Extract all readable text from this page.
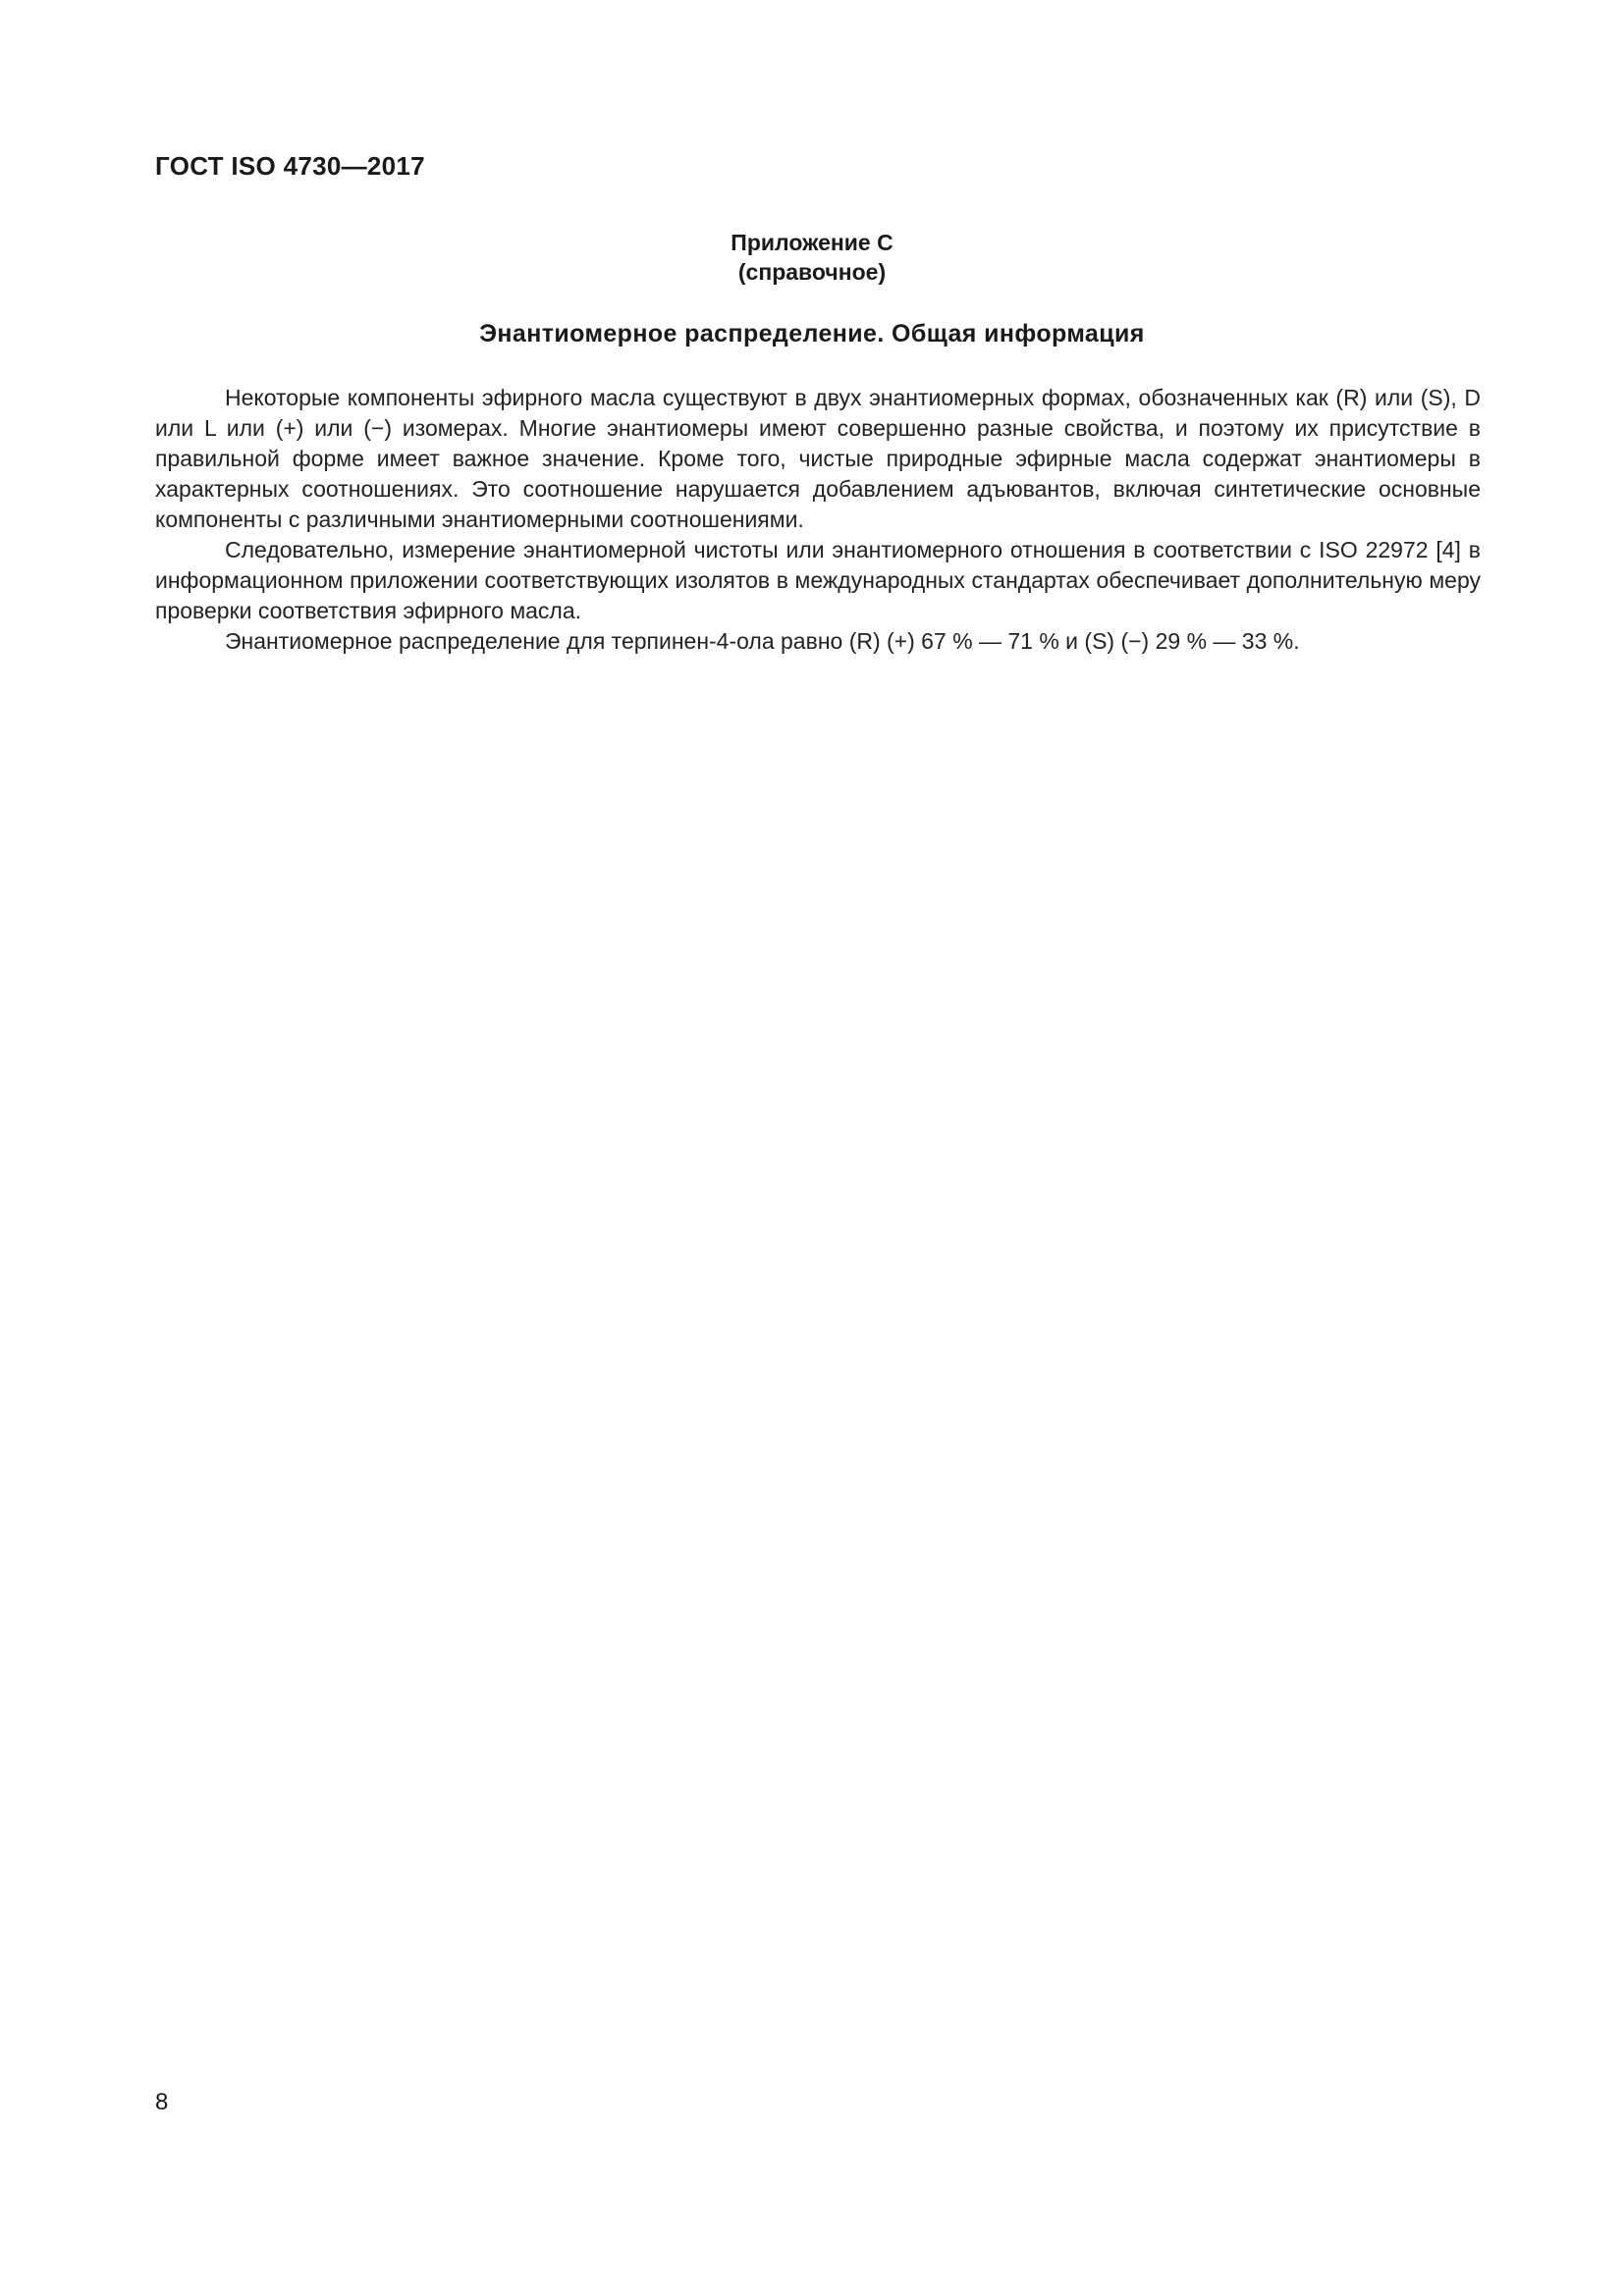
ГОСТ ISO 4730—2017
Приложение С
(справочное)
Энантиомерное распределение. Общая информация

Некоторые компоненты эфирного масла существуют в двух энантиомерных формах, обозначенных как (R) или (S), D или L или (+) или (−) изомерах. Многие энантиомеры имеют совершенно разные свойства, и поэтому их присутствие в правильной форме имеет важное значение. Кроме того, чистые природные эфирные масла содержат энантиомеры в характерных соотношениях. Это соотношение нарушается добавлением адъювантов, включая синтетические основные компоненты с различными энантиомерными соотношениями.

Следовательно, измерение энантиомерной чистоты или энантиомерного отношения в соответствии с ISO 22972 [4] в информационном приложении соответствующих изолятов в международных стандартах обеспечивает дополнительную меру проверки соответствия эфирного масла.

Энантиомерное распределение для терпинен-4-ола равно (R) (+) 67 % — 71 % и (S) (−) 29 % — 33 %.

8
